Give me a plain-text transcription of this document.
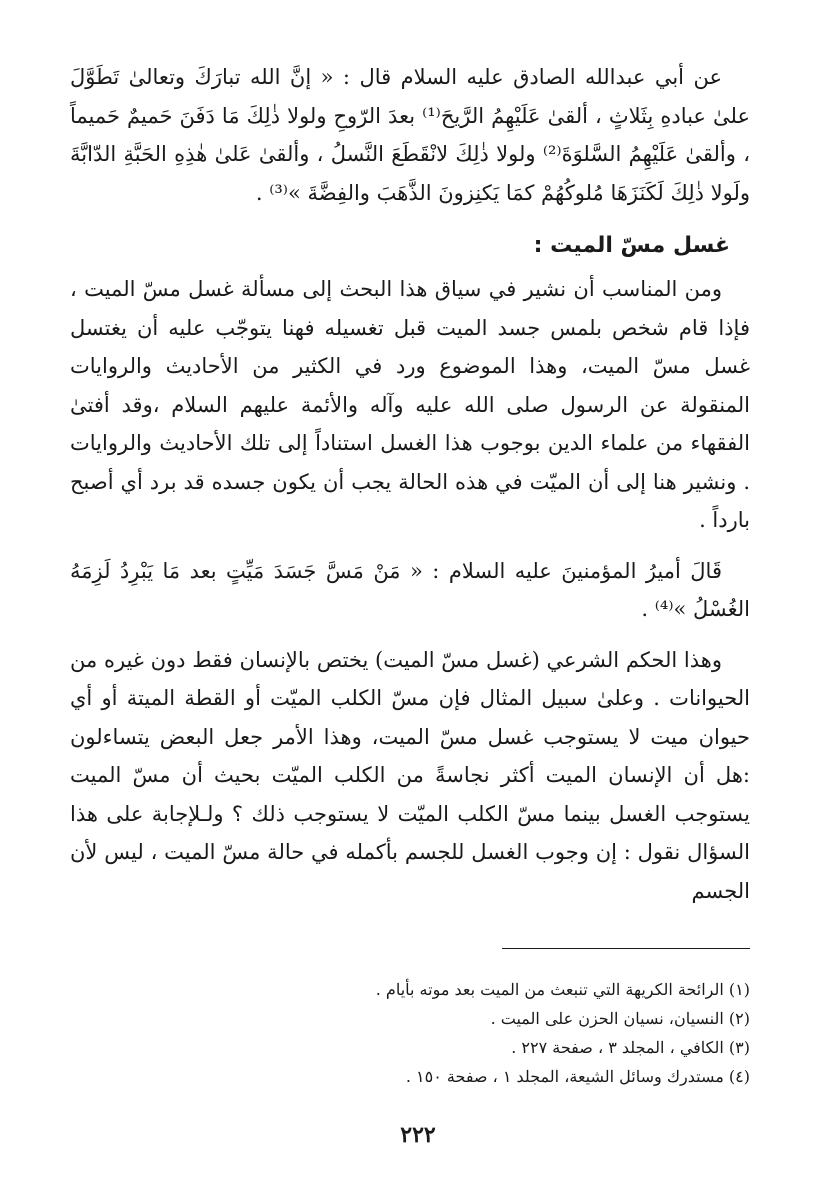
عن أبي عبدالله الصادق عليه السلام قال : « إنَّ الله تبارَكَ وتعالىٰ تَطَوَّلَ علىٰ عبادهِ بِثَلاثٍ ، ألقىٰ عَلَيْهِمُ الرَّيحَ⁽¹⁾ بعدَ الرّوحِ ولولا ذٰلِكَ مَا دَفَنَ حَميمٌ حَميماً ، وألقىٰ عَلَيْهِمُ السَّلوَةَ⁽²⁾ ولولا ذٰلِكَ لانْقَطَعَ النَّسلُ ، وألقىٰ عَلىٰ هٰذِهِ الحَبَّةِ الدّابَّةَ ولَولا ذٰلِكَ لَكَنَزَهَا مُلوكُهُمْ كمَا يَكنِزونَ الذَّهَبَ والفِضَّةَ »⁽³⁾ .

غسل مسّ الميت :

ومن المناسب أن نشير في سياق هذا البحث إلى مسألة غسل مسّ الميت ، فإذا قام شخص بلمس جسد الميت قبل تغسيله فهنا يتوجّب عليه أن يغتسل غسل مسّ الميت، وهذا الموضوع ورد في الكثير من الأحاديث والروايات المنقولة عن الرسول صلى الله عليه وآله والأئمة عليهم السلام ،وقد أفتىٰ الفقهاء من علماء الدين بوجوب هذا الغسل استناداً إلى تلك الأحاديث والروايات . ونشير هنا إلى أن الميّت في هذه الحالة يجب أن يكون جسده قد برد أي أصبح بارداً .

قَالَ أميرُ المؤمنينَ عليه السلام : « مَنْ مَسَّ جَسَدَ مَيِّتٍ بعد مَا يَبْرِدُ لَزِمَهُ الغُسْلُ »⁽⁴⁾ .

وهذا الحكم الشرعي (غسل مسّ الميت) يختص بالإنسان فقط دون غيره من الحيوانات . وعلىٰ سبيل المثال فإن مسّ الكلب الميّت أو القطة الميتة أو أي حيوان ميت لا يستوجب غسل مسّ الميت، وهذا الأمر جعل البعض يتساءلون :هل أن الإنسان الميت أكثر نجاسةً من الكلب الميّت بحيث أن مسّ الميت يستوجب الغسل بينما مسّ الكلب الميّت لا يستوجب ذلك ؟ ولـلإجابة على هذا السؤال نقول : إن وجوب الغسل للجسم بأكمله في حالة مسّ الميت ، ليس لأن الجسم

(١) الرائحة الكريهة التي تنبعث من الميت بعد موته بأيام .

(٢) النسيان، نسيان الحزن على الميت .

(٣) الكافي ، المجلد ٣ ، صفحة ٢٢٧ .

(٤) مستدرك وسائل الشيعة، المجلد ١ ، صفحة ١٥٠ .

٢٢٢
